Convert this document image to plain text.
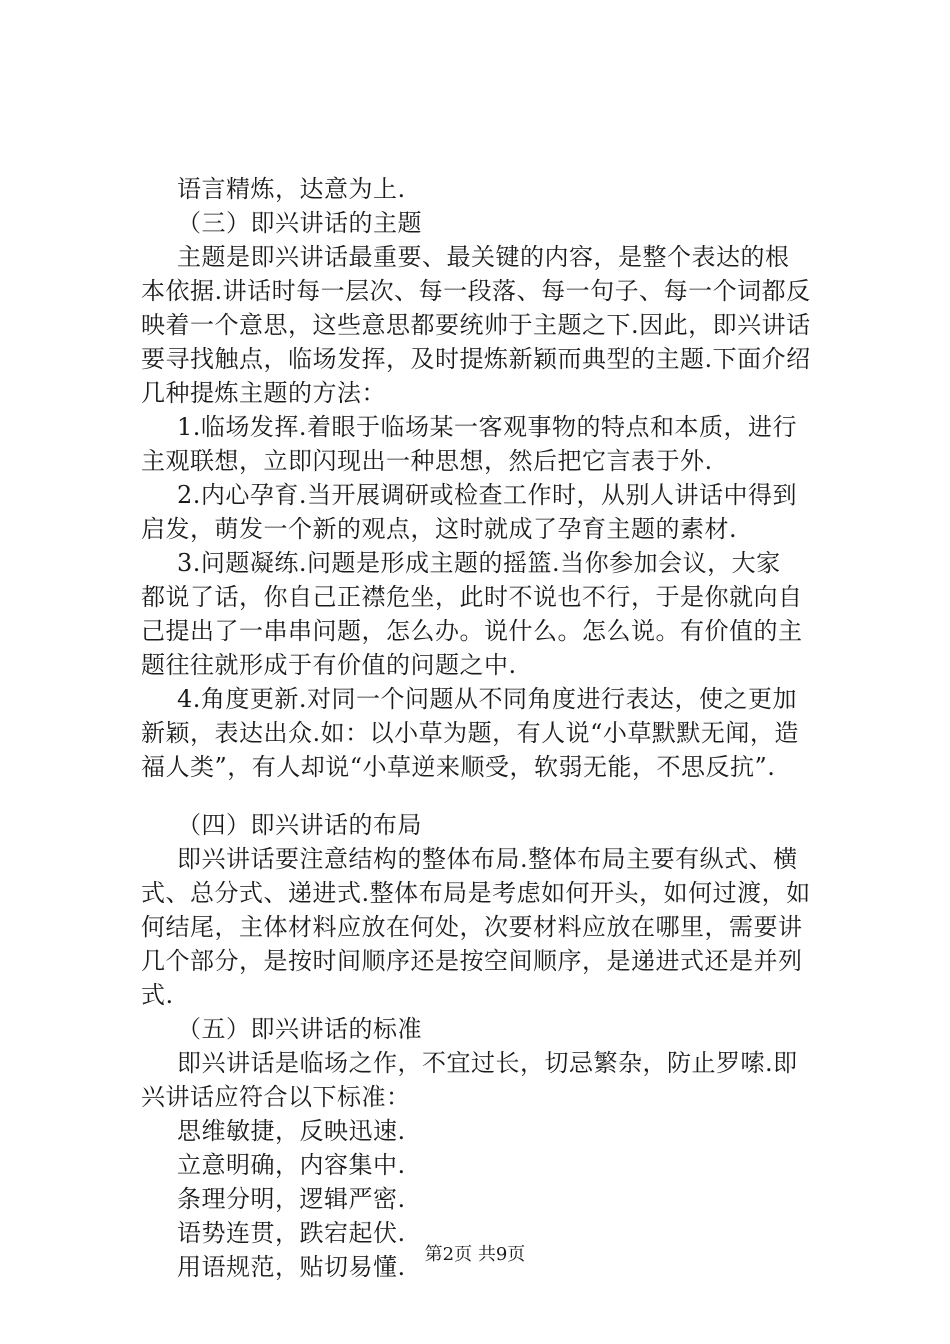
语言精炼，达意为上.
（三）即兴讲话的主题
主题是即兴讲话最重要、最关键的内容，是整个表达的根
本依据.讲话时每一层次、每一段落、每一句子、每一个词都反
映着一个意思，这些意思都要统帅于主题之下.因此，即兴讲话
要寻找触点，临场发挥，及时提炼新颖而典型的主题.下面介绍
几种提炼主题的方法：
1.临场发挥.着眼于临场某一客观事物的特点和本质，进行
主观联想，立即闪现出一种思想，然后把它言表于外.
2.内心孕育.当开展调研或检查工作时，从别人讲话中得到
启发，萌发一个新的观点，这时就成了孕育主题的素材.
3.问题凝练.问题是形成主题的摇篮.当你参加会议，大家
都说了话，你自己正襟危坐，此时不说也不行，于是你就向自
己提出了一串串问题，怎么办。说什么。怎么说。有价值的主
题往往就形成于有价值的问题之中.
4.角度更新.对同一个问题从不同角度进行表达，使之更加
新颖，表达出众.如：以小草为题，有人说“小草默默无闻，造
福人类”，有人却说“小草逆来顺受，软弱无能，不思反抗”.
（四）即兴讲话的布局
即兴讲话要注意结构的整体布局.整体布局主要有纵式、横
式、总分式、递进式.整体布局是考虑如何开头，如何过渡，如
何结尾，主体材料应放在何处，次要材料应放在哪里，需要讲
几个部分，是按时间顺序还是按空间顺序，是递进式还是并列
式.
（五）即兴讲话的标准
即兴讲话是临场之作，不宜过长，切忌繁杂，防止罗嗦.即
兴讲话应符合以下标准：
思维敏捷，反映迅速.
立意明确，内容集中.
条理分明，逻辑严密.
语势连贯，跌宕起伏.
用语规范，贴切易懂.	第2页 共9页
